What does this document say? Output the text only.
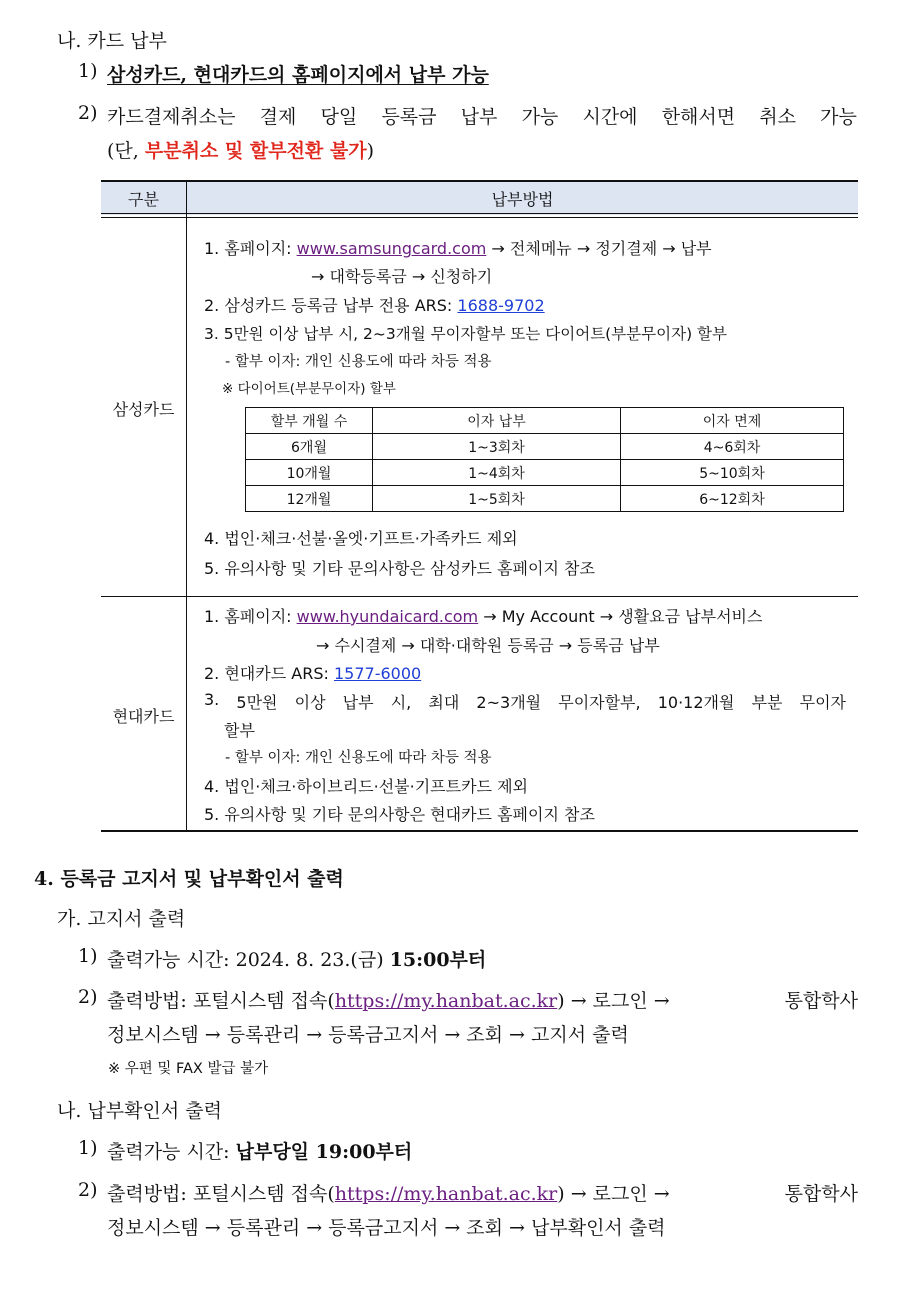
나. 카드 납부
1) 삼성카드, 현대카드의 홈페이지에서 납부 가능
2) 카드결제취소는 결제 당일 등록금 납부 가능 시간에 한해서면 취소 가능
(단, 부분취소 및 할부전환 불가)
구분	납부방법
삼성카드
1. 홈페이지: www.samsungcard.com → 전체메뉴 → 정기결제 → 납부
→ 대학등록금 → 신청하기
2. 삼성카드 등록금 납부 전용 ARS: 1688-9702
3. 5만원 이상 납부 시, 2~3개월 무이자할부 또는 다이어트(부분무이자) 할부
- 할부 이자: 개인 신용도에 따라 차등 적용
※ 다이어트(부분무이자) 할부
할부 개월 수	이자 납부	이자 면제
6개월	1~3회차	4~6회차
10개월	1~4회차	5~10회차
12개월	1~5회차	6~12회차
4. 법인·체크·선불·올엣·기프트·가족카드 제외
5. 유의사항 및 기타 문의사항은 삼성카드 홈페이지 참조
현대카드
1. 홈페이지: www.hyundaicard.com → My Account → 생활요금 납부서비스
→ 수시결제 → 대학·대학원 등록금 → 등록금 납부
2. 현대카드 ARS: 1577-6000
3. 5만원 이상 납부 시, 최대 2~3개월 무이자할부, 10·12개월 부분 무이자
할부
- 할부 이자: 개인 신용도에 따라 차등 적용
4. 법인·체크·하이브리드·선불·기프트카드 제외
5. 유의사항 및 기타 문의사항은 현대카드 홈페이지 참조
4. 등록금 고지서 및 납부확인서 출력
가. 고지서 출력
1) 출력가능 시간: 2024. 8. 23.(금) 15:00부터
2) 출력방법: 포털시스템 접속(https://my.hanbat.ac.kr) → 로그인 →	통합학사
정보시스템 → 등록관리 → 등록금고지서 → 조회 → 고지서 출력
※ 우편 및 FAX 발급 불가
나. 납부확인서 출력
1) 출력가능 시간: 납부당일 19:00부터
2) 출력방법: 포털시스템 접속(https://my.hanbat.ac.kr) → 로그인 →	통합학사
정보시스템 → 등록관리 → 등록금고지서 → 조회 → 납부확인서 출력
